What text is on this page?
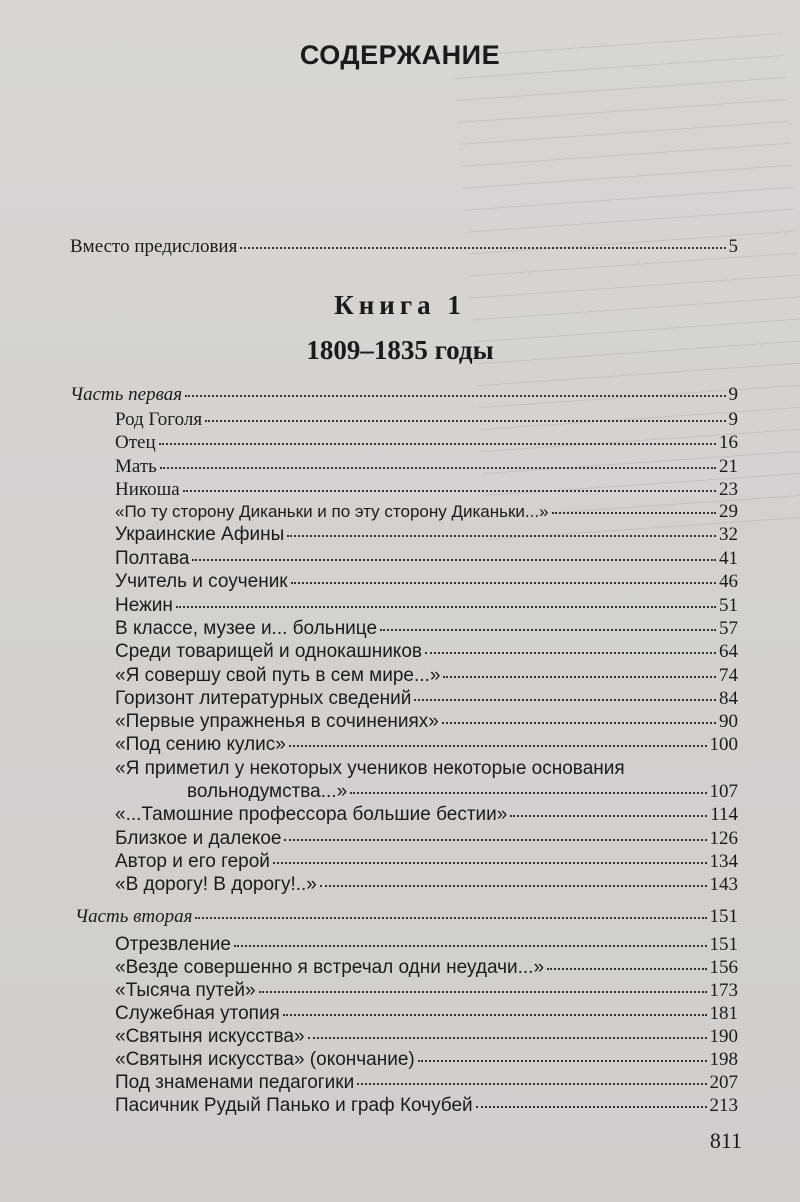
СОДЕРЖАНИЕ
Вместо предисловия	5
Книга 1
1809–1835 годы
Часть первая	9
Род Гоголя	9
Отец	16
Мать	21
Никоша	23
«По ту сторону Диканьки и по эту сторону Диканьки...»	29
Украинские Афины	32
Полтава	41
Учитель и соученик	46
Нежин	51
В классе, музее и... больнице	57
Среди товарищей и однокашников	64
«Я совершу свой путь в сем мире...»	74
Горизонт литературных сведений	84
«Первые упражненья в сочинениях»	90
«Под сению кулис»	100
«Я приметил у некоторых учеников некоторые основания
вольнодумства...»	107
«...Тамошние профессора большие бестии»	114
Близкое и далекое	126
Автор и его герой	134
«В дорогу! В дорогу!..»	143
Часть вторая	151
Отрезвление	151
«Везде совершенно я встречал одни неудачи...»	156
«Тысяча путей»	173
Служебная утопия	181
«Святыня искусства»	190
«Святыня искусства» (окончание)	198
Под знаменами педагогики	207
Пасичник Рудый Панько и граф Кочубей	213
811
